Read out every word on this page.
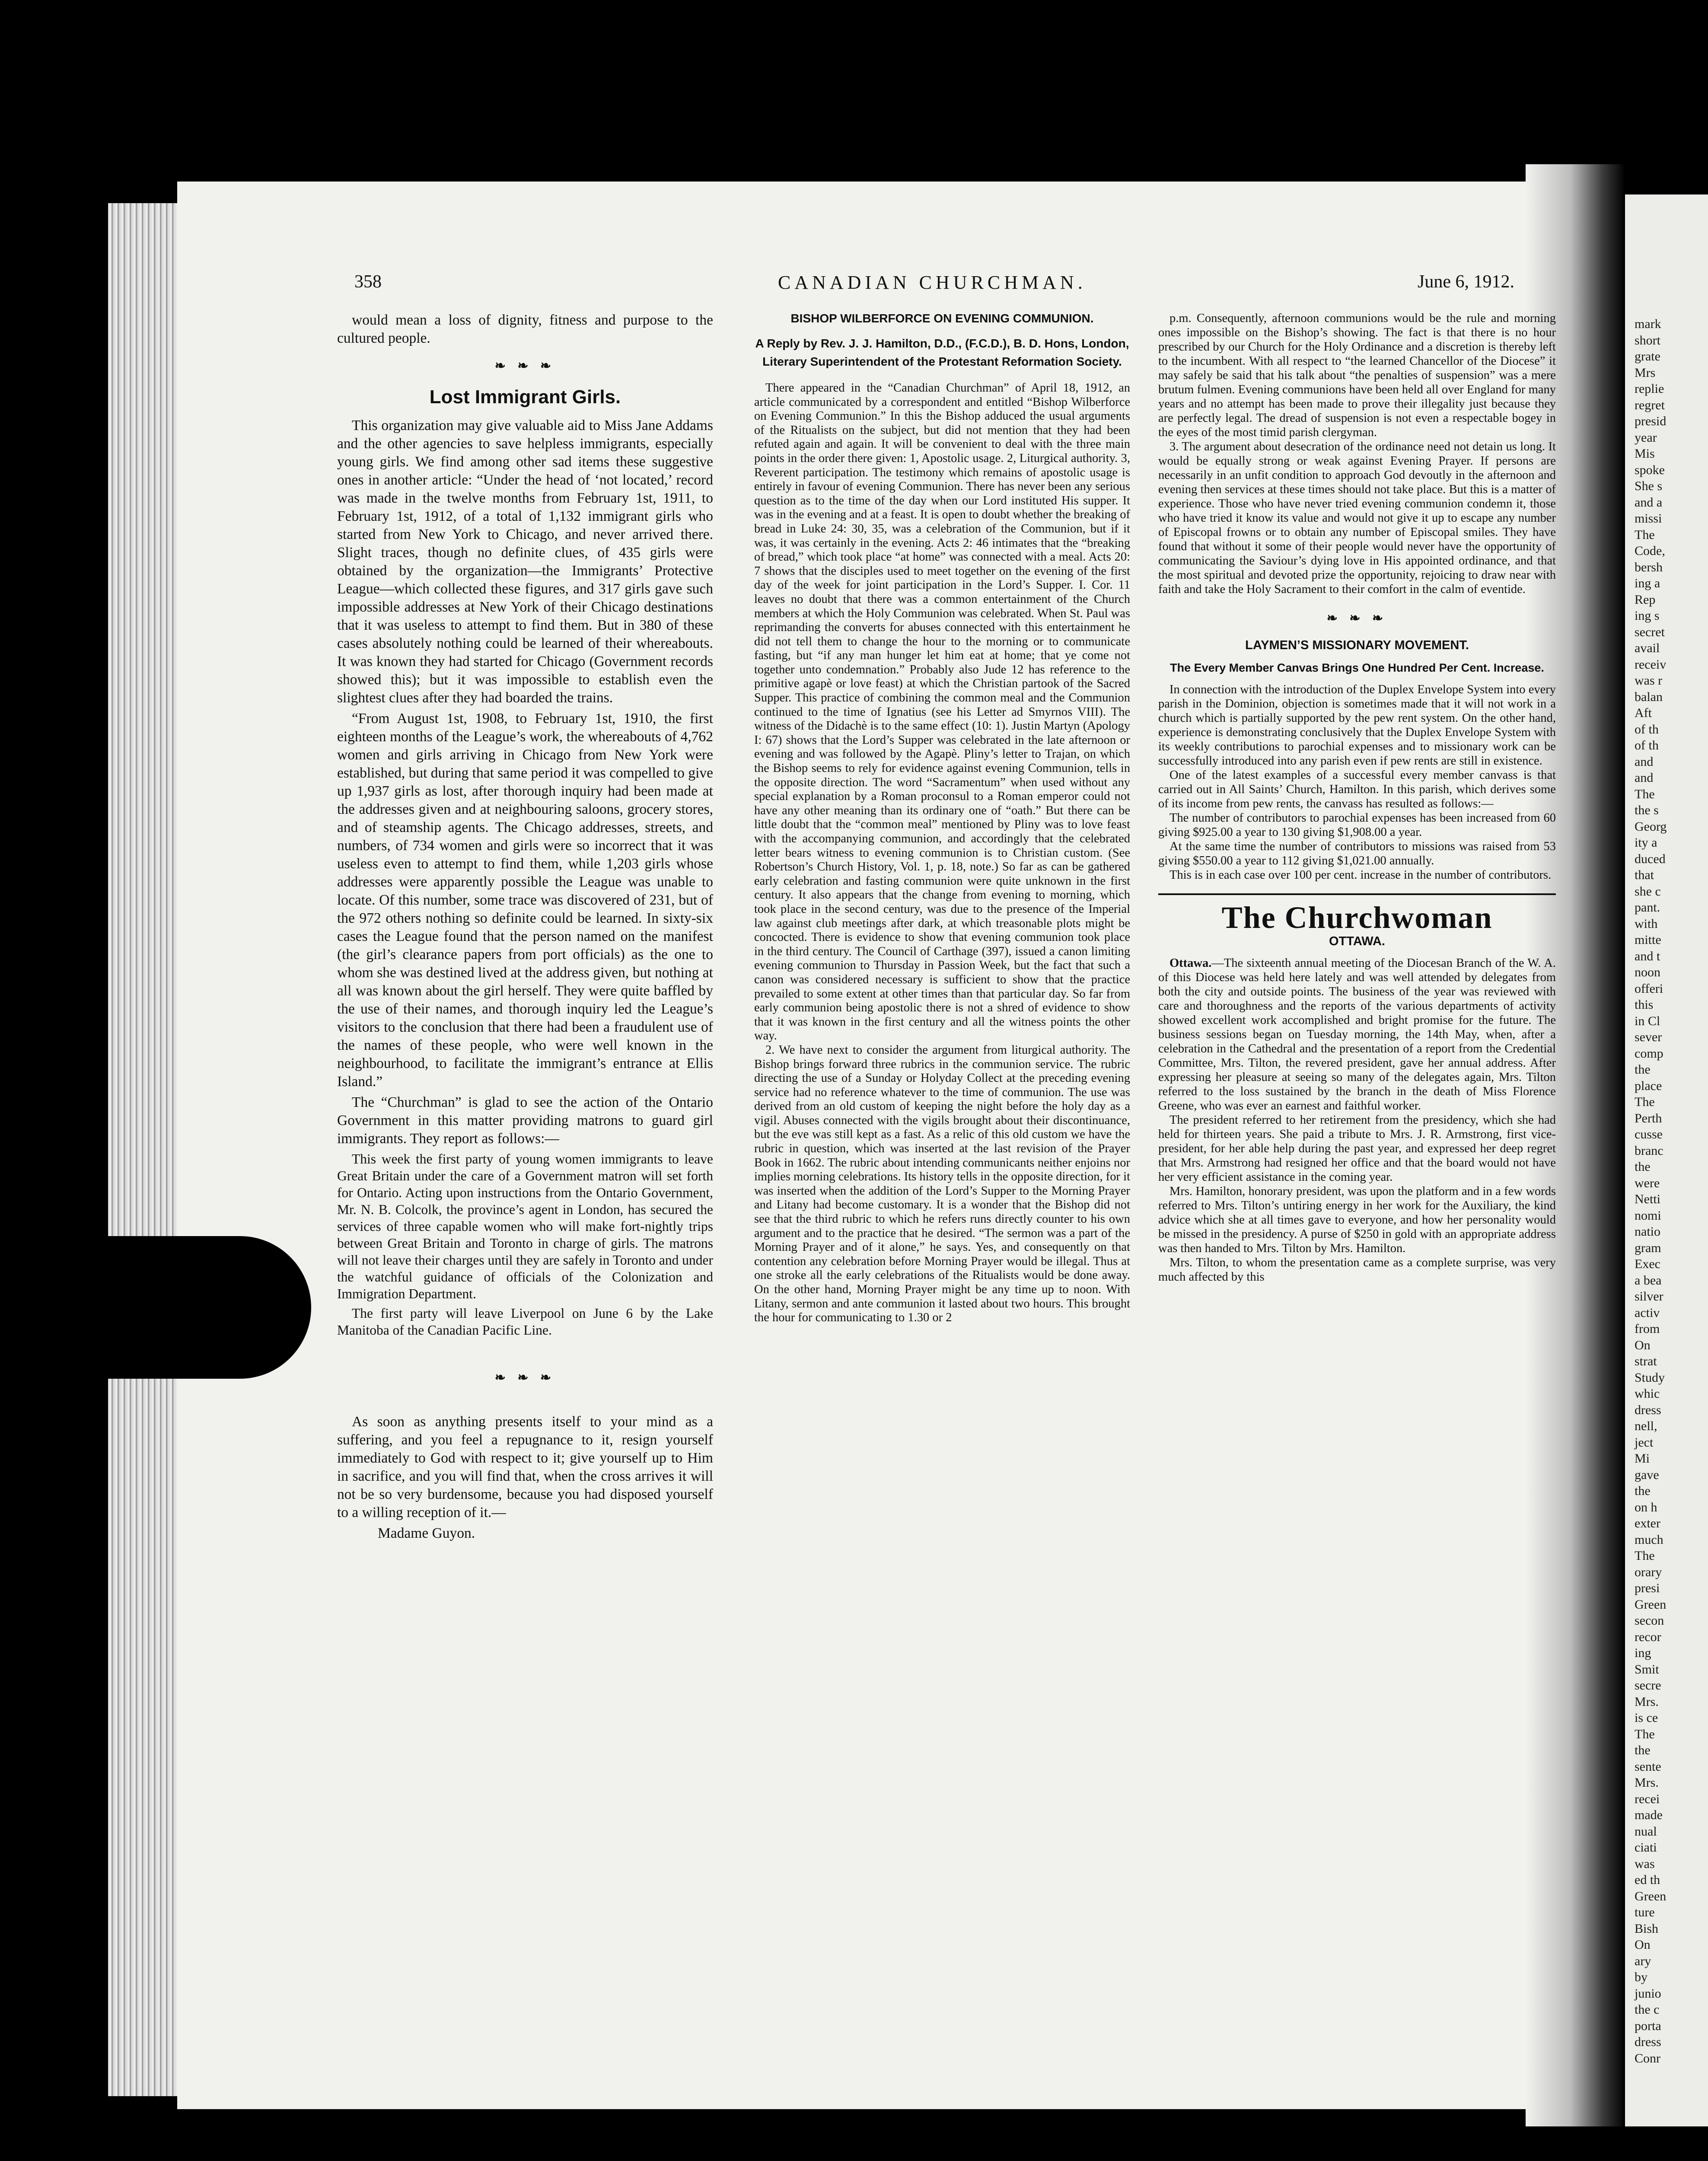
mark
short
grate
Mrs
replie
regret
presid
year
Mis
spoke
She s
and a
missi
The
Code,
bersh
ing a
Rep
ing s
secret
avail
receiv
was r
balan
Aft
of th
of th
and
and
The
the s
Georg
ity a
duced
that
she c
pant.
with
mitte
and t
noon
offeri
this
in Cl
sever
comp
the
place
The
Perth
cusse
branc
the
were
Netti
nomi
natio
gram
Exec
a bea
silver
activ
from
On
strat
Study
whic
dress
nell,
ject
Mi
gave
the
on h
exter
much
The
orary
presi
Green
secon
recor
ing
Smit
secre
Mrs.
is ce
The
the
sente
Mrs.
recei
made
nual
ciati
was
ed th
Green
ture
Bish
On
ary
by
junio
the c
porta
dress
Conr
358	CANADIAN CHURCHMAN.	June 6, 1912.

would mean a loss of dignity, fitness and purpose to the cultured people.

❧ ❧ ❧
Lost Immigrant Girls.

This organization may give valuable aid to Miss Jane Addams and the other agencies to save helpless immigrants, especially young girls. We find among other sad items these suggestive ones in another article: “Under the head of ‘not located,’ record was made in the twelve months from February 1st, 1911, to February 1st, 1912, of a total of 1,132 immigrant girls who started from New York to Chicago, and never arrived there. Slight traces, though no definite clues, of 435 girls were obtained by the organization—the Immigrants’ Protective League—which collected these figures, and 317 girls gave such impossible addresses at New York of their Chicago destinations that it was useless to attempt to find them. But in 380 of these cases absolutely nothing could be learned of their whereabouts. It was known they had started for Chicago (Government records showed this); but it was impossible to establish even the slightest clues after they had boarded the trains.

“From August 1st, 1908, to February 1st, 1910, the first eighteen months of the League’s work, the whereabouts of 4,762 women and girls arriving in Chicago from New York were established, but during that same period it was compelled to give up 1,937 girls as lost, after thorough inquiry had been made at the addresses given and at neighbouring saloons, grocery stores, and of steamship agents. The Chicago addresses, streets, and numbers, of 734 women and girls were so incorrect that it was useless even to attempt to find them, while 1,203 girls whose addresses were apparently possible the League was unable to locate. Of this number, some trace was discovered of 231, but of the 972 others nothing so definite could be learned. In sixty-six cases the League found that the person named on the manifest (the girl’s clearance papers from port officials) as the one to whom she was destined lived at the address given, but nothing at all was known about the girl herself. They were quite baffled by the use of their names, and thorough inquiry led the League’s visitors to the conclusion that there had been a fraudulent use of the names of these people, who were well known in the neighbourhood, to facilitate the immigrant’s entrance at Ellis Island.”

The “Churchman” is glad to see the action of the Ontario Government in this matter providing matrons to guard girl immigrants. They report as follows:—

This week the first party of young women immigrants to leave Great Britain under the care of a Government matron will set forth for Ontario. Acting upon instructions from the Ontario Government, Mr. N. B. Colcolk, the province’s agent in London, has secured the services of three capable women who will make fort-nightly trips between Great Britain and Toronto in charge of girls. The matrons will not leave their charges until they are safely in Toronto and under the watchful guidance of officials of the Colonization and Immigration Department.

The first party will leave Liverpool on June 6 by the Lake Manitoba of the Canadian Pacific Line.

❧ ❧ ❧

As soon as anything presents itself to your mind as a suffering, and you feel a repugnance to it, resign yourself immediately to God with respect to it; give yourself up to Him in sacrifice, and you will find that, when the cross arrives it will not be so very burdensome, because you had disposed yourself to a willing reception of it.—

Madame Guyon.

BISHOP WILBERFORCE ON EVENING COMMUNION.
A Reply by Rev. J. J. Hamilton, D.D., (F.C.D.), B. D. Hons, London, Literary Superintendent of the Protestant Reformation Society.

There appeared in the “Canadian Churchman” of April 18, 1912, an article communicated by a correspondent and entitled “Bishop Wilberforce on Evening Communion.” In this the Bishop adduced the usual arguments of the Ritualists on the subject, but did not mention that they had been refuted again and again. It will be convenient to deal with the three main points in the order there given: 1, Apostolic usage. 2, Liturgical authority. 3, Reverent participation. The testimony which remains of apostolic usage is entirely in favour of evening Communion. There has never been any serious question as to the time of the day when our Lord instituted His supper. It was in the evening and at a feast. It is open to doubt whether the breaking of bread in Luke 24: 30, 35, was a celebration of the Communion, but if it was, it was certainly in the evening. Acts 2: 46 intimates that the “breaking of bread,” which took place “at home” was connected with a meal. Acts 20: 7 shows that the disciples used to meet together on the evening of the first day of the week for joint participation in the Lord’s Supper. I. Cor. 11 leaves no doubt that there was a common entertainment of the Church members at which the Holy Communion was celebrated. When St. Paul was reprimanding the converts for abuses connected with this entertainment he did not tell them to change the hour to the morning or to communicate fasting, but “if any man hunger let him eat at home; that ye come not together unto condemnation.” Probably also Jude 12 has reference to the primitive agapè or love feast) at which the Christian partook of the Sacred Supper. This practice of combining the common meal and the Communion continued to the time of Ignatius (see his Letter ad Smyrnos VIII). The witness of the Didachè is to the same effect (10: 1). Justin Martyn (Apology I: 67) shows that the Lord’s Supper was celebrated in the late afternoon or evening and was followed by the Agapè. Pliny’s letter to Trajan, on which the Bishop seems to rely for evidence against evening Communion, tells in the opposite direction. The word “Sacramentum” when used without any special explanation by a Roman proconsul to a Roman emperor could not have any other meaning than its ordinary one of “oath.” But there can be little doubt that the “common meal” mentioned by Pliny was to love feast with the accompanying communion, and accordingly that the celebrated letter bears witness to evening communion is to Christian custom. (See Robertson’s Church History, Vol. 1, p. 18, note.) So far as can be gathered early celebration and fasting communion were quite unknown in the first century. It also appears that the change from evening to morning, which took place in the second century, was due to the presence of the Imperial law against club meetings after dark, at which treasonable plots might be concocted. There is evidence to show that evening communion took place in the third century. The Council of Carthage (397), issued a canon limiting evening communion to Thursday in Passion Week, but the fact that such a canon was considered necessary is sufficient to show that the practice prevailed to some extent at other times than that particular day. So far from early communion being apostolic there is not a shred of evidence to show that it was known in the first century and all the witness points the other way.

2. We have next to consider the argument from liturgical authority. The Bishop brings forward three rubrics in the communion service. The rubric directing the use of a Sunday or Holyday Collect at the preceding evening service had no reference whatever to the time of communion. The use was derived from an old custom of keeping the night before the holy day as a vigil. Abuses connected with the vigils brought about their discontinuance, but the eve was still kept as a fast. As a relic of this old custom we have the rubric in question, which was inserted at the last revision of the Prayer Book in 1662. The rubric about intending communicants neither enjoins nor implies morning celebrations. Its history tells in the opposite direction, for it was inserted when the addition of the Lord’s Supper to the Morning Prayer and Litany had become customary. It is a wonder that the Bishop did not see that the third rubric to which he refers runs directly counter to his own argument and to the practice that he desired. “The sermon was a part of the Morning Prayer and of it alone,” he says. Yes, and consequently on that contention any celebration before Morning Prayer would be illegal. Thus at one stroke all the early celebrations of the Ritualists would be done away. On the other hand, Morning Prayer might be any time up to noon. With Litany, sermon and ante communion it lasted about two hours. This brought the hour for communicating to 1.30 or 2

p.m. Consequently, afternoon communions would be the rule and morning ones impossible on the Bishop’s showing. The fact is that there is no hour prescribed by our Church for the Holy Ordinance and a discretion is thereby left to the incumbent. With all respect to “the learned Chancellor of the Diocese” it may safely be said that his talk about “the penalties of suspension” was a mere brutum fulmen. Evening communions have been held all over England for many years and no attempt has been made to prove their illegality just because they are perfectly legal. The dread of suspension is not even a respectable bogey in the eyes of the most timid parish clergyman.

3. The argument about desecration of the ordinance need not detain us long. It would be equally strong or weak against Evening Prayer. If persons are necessarily in an unfit condition to approach God devoutly in the afternoon and evening then services at these times should not take place. But this is a matter of experience. Those who have never tried evening communion condemn it, those who have tried it know its value and would not give it up to escape any number of Episcopal frowns or to obtain any number of Episcopal smiles. They have found that without it some of their people would never have the opportunity of communicating the Saviour’s dying love in His appointed ordinance, and that the most spiritual and devoted prize the opportunity, rejoicing to draw near with faith and take the Holy Sacrament to their comfort in the calm of eventide.

❧ ❧ ❧
LAYMEN’S MISSIONARY MOVEMENT.
The Every Member Canvas Brings One Hundred Per Cent. Increase.

In connection with the introduction of the Duplex Envelope System into every parish in the Dominion, objection is sometimes made that it will not work in a church which is partially supported by the pew rent system. On the other hand, experience is demonstrating conclusively that the Duplex Envelope System with its weekly contributions to parochial expenses and to missionary work can be successfully introduced into any parish even if pew rents are still in existence.

One of the latest examples of a successful every member canvass is that carried out in All Saints’ Church, Hamilton. In this parish, which derives some of its income from pew rents, the canvass has resulted as follows:—

The number of contributors to parochial expenses has been increased from 60 giving $925.00 a year to 130 giving $1,908.00 a year.

At the same time the number of contributors to missions was raised from 53 giving $550.00 a year to 112 giving $1,021.00 annually.

This is in each case over 100 per cent. increase in the number of contributors.

The Churchwoman
OTTAWA.

Ottawa.—The sixteenth annual meeting of the Diocesan Branch of the W. A. of this Diocese was held here lately and was well attended by delegates from both the city and outside points. The business of the year was reviewed with care and thoroughness and the reports of the various departments of activity showed excellent work accomplished and bright promise for the future. The business sessions began on Tuesday morning, the 14th May, when, after a celebration in the Cathedral and the presentation of a report from the Credential Committee, Mrs. Tilton, the revered president, gave her annual address. After expressing her pleasure at seeing so many of the delegates again, Mrs. Tilton referred to the loss sustained by the branch in the death of Miss Florence Greene, who was ever an earnest and faithful worker.

The president referred to her retirement from the presidency, which she had held for thirteen years. She paid a tribute to Mrs. J. R. Armstrong, first vice-president, for her able help during the past year, and expressed her deep regret that Mrs. Armstrong had resigned her office and that the board would not have her very efficient assistance in the coming year.

Mrs. Hamilton, honorary president, was upon the platform and in a few words referred to Mrs. Tilton’s untiring energy in her work for the Auxiliary, the kind advice which she at all times gave to everyone, and how her personality would be missed in the presidency. A purse of $250 in gold with an appropriate address was then handed to Mrs. Tilton by Mrs. Hamilton.

Mrs. Tilton, to whom the presentation came as a complete surprise, was very much affected by this
